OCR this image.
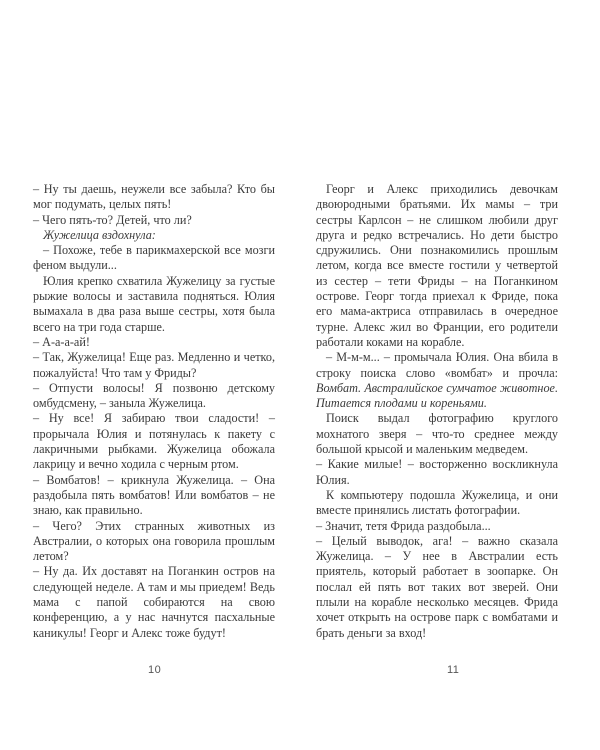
– Ну ты даешь, неужели все забыла? Кто бы мог подумать, целых пять!

– Чего пять-то? Детей, что ли?

Жужелица вздохнула:

– Похоже, тебе в парикмахерской все мозги феном выдули...

Юлия крепко схватила Жужелицу за густые рыжие волосы и заставила подняться. Юлия вымахала в два раза выше сестры, хотя была всего на три года старше.

– А-а-а-ай!

– Так, Жужелица! Еще раз. Медленно и четко, пожалуйста! Что там у Фриды?

– Отпусти волосы! Я позвоню детскому омбудсмену, – заныла Жужелица.

– Ну все! Я забираю твои сладости! – прорычала Юлия и потянулась к пакету с лакричными рыбками. Жужелица обожала лакрицу и вечно ходила с черным ртом.

– Вомбатов! – крикнула Жужелица. – Она раздобыла пять вомбатов! Или вомбатов – не знаю, как правильно.

– Чего? Этих странных животных из Австралии, о которых она говорила прошлым летом?

– Ну да. Их доставят на Поганкин остров на следующей неделе. А там и мы приедем! Ведь мама с папой собираются на свою конференцию, а у нас начнутся пасхальные каникулы! Георг и Алекс тоже будут!

10

Георг и Алекс приходились девочкам двоюродными братьями. Их мамы – три сестры Карлсон – не слишком любили друг друга и редко встречались. Но дети быстро сдружились. Они познакомились прошлым летом, когда все вместе гостили у четвертой из сестер – тети Фриды – на Поганкином острове. Георг тогда приехал к Фриде, пока его мама-актриса отправилась в очередное турне. Алекс жил во Франции, его родители работали коками на корабле.

– М-м-м... – промычала Юлия. Она вбила в строку поиска слово «вомбат» и прочла: Вомбат. Австралийское сумчатое животное. Питается плодами и кореньями.

Поиск выдал фотографию круглого мохнатого зверя – что-то среднее между большой крысой и маленьким медведем.

– Какие милые! – восторженно воскликнула Юлия.

К компьютеру подошла Жужелица, и они вместе принялись листать фотографии.

– Значит, тетя Фрида раздобыла...

– Целый выводок, ага! – важно сказала Жужелица. – У нее в Австралии есть приятель, который работает в зоопарке. Он послал ей пять вот таких вот зверей. Они плыли на корабле несколько месяцев. Фрида хочет открыть на острове парк с вомбатами и брать деньги за вход!

11
